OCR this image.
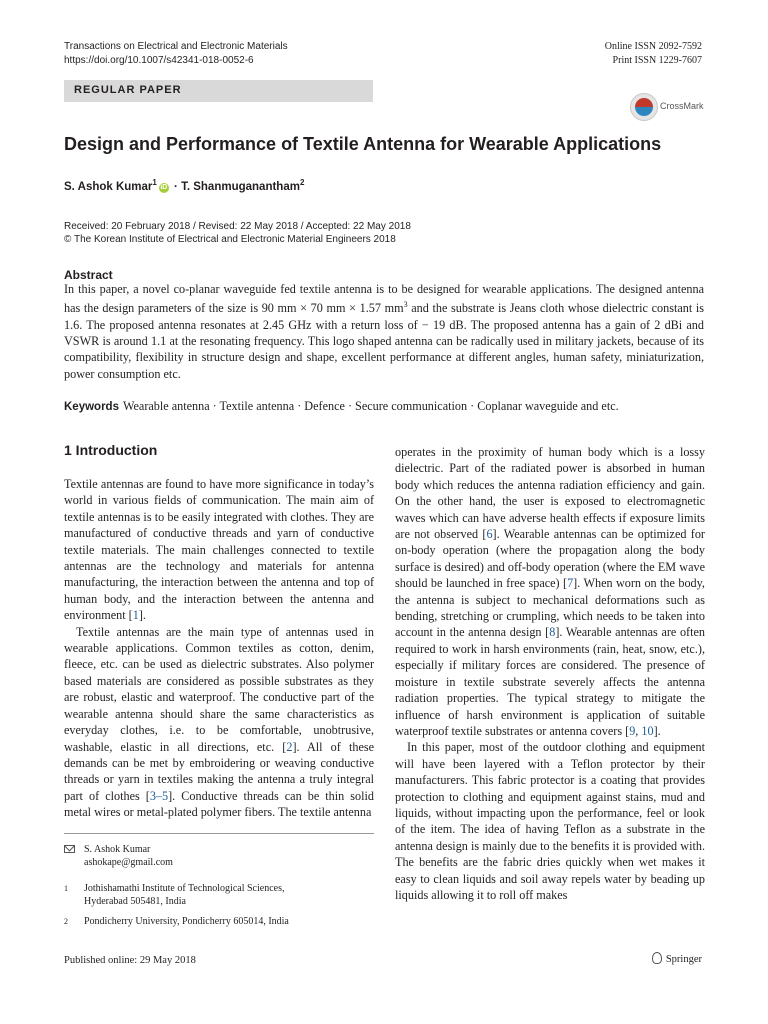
Transactions on Electrical and Electronic Materials
https://doi.org/10.1007/s42341-018-0052-6
Online ISSN 2092-7592
Print ISSN 1229-7607
REGULAR PAPER
CrossMark
Design and Performance of Textile Antenna for Wearable Applications
S. Ashok Kumar$^1$iD · T. Shanmuganantham$^2$
Received: 20 February 2018 / Revised: 22 May 2018 / Accepted: 22 May 2018
© The Korean Institute of Electrical and Electronic Material Engineers 2018
Abstract
In this paper, a novel co-planar waveguide fed textile antenna is to be designed for wearable applications. The designed antenna has the design parameters of the size is 90 mm × 70 mm × 1.57 $mm^3$ and the substrate is Jeans cloth whose dielectric constant is 1.6. The proposed antenna resonates at 2.45 GHz with a return loss of − 19 dB. The proposed antenna has a gain of 2 dBi and VSWR is around 1.1 at the resonating frequency. This logo shaped antenna can be radically used in military jackets, because of its compatibility, flexibility in structure design and shape, excellent performance at different angles, human safety, miniaturization, power consumption etc.
Keywords Wearable antenna · Textile antenna · Defence · Secure communication · Coplanar waveguide and etc.
1 Introduction

Textile antennas are found to have more significance in today’s world in various fields of communication. The main aim of textile antennas is to be easily integrated with clothes. They are manufactured of conductive threads and yarn of conductive textile materials. The main challenges connected to textile antennas are the technology and materials for antenna manufacturing, the interaction between the antenna and top of human body, and the interaction between the antenna and environment [1].

Textile antennas are the main type of antennas used in wearable applications. Common textiles as cotton, denim, fleece, etc. can be used as dielectric substrates. Also polymer based materials are considered as possible substrates as they are robust, elastic and waterproof. The conductive part of the wearable antenna should share the same characteristics as everyday clothes, i.e. to be comfortable, unobtrusive, washable, elastic in all directions, etc. [2]. All of these demands can be met by embroidering or weaving conductive threads or yarn in textiles making the antenna a truly integral part of clothes [3–5]. Conductive threads can be thin solid metal wires or metal-plated polymer fibers. The textile antenna

operates in the proximity of human body which is a lossy dielectric. Part of the radiated power is absorbed in human body which reduces the antenna radiation efficiency and gain. On the other hand, the user is exposed to electromagnetic waves which can have adverse health effects if exposure limits are not observed [6]. Wearable antennas can be optimized for on-body operation (where the propagation along the body surface is desired) and off-body operation (where the EM wave should be launched in free space) [7]. When worn on the body, the antenna is subject to mechanical deformations such as bending, stretching or crumpling, which needs to be taken into account in the antenna design [8]. Wearable antennas are often required to work in harsh environments (rain, heat, snow, etc.), especially if military forces are considered. The presence of moisture in textile substrate severely affects the antenna radiation properties. The typical strategy to mitigate the influence of harsh environment is application of suitable waterproof textile substrates or antenna covers [9, 10].

In this paper, most of the outdoor clothing and equipment will have been layered with a Teflon protector by their manufacturers. This fabric protector is a coating that provides protection to clothing and equipment against stains, mud and liquids, without impacting upon the performance, feel or look of the item. The idea of having Teflon as a substrate in the antenna design is mainly due to the benefits it is provided with. The benefits are the fabric dries quickly when wet makes it easy to clean liquids and soil away repels water by beading up liquids allowing it to roll off makes

S. Ashok Kumar
ashokape@gmail.com
1 Jothishamathi Institute of Technological Sciences,
Hyderabad 505481, India
2 Pondicherry University, Pondicherry 605014, India
Published online: 29 May 2018	Springer
